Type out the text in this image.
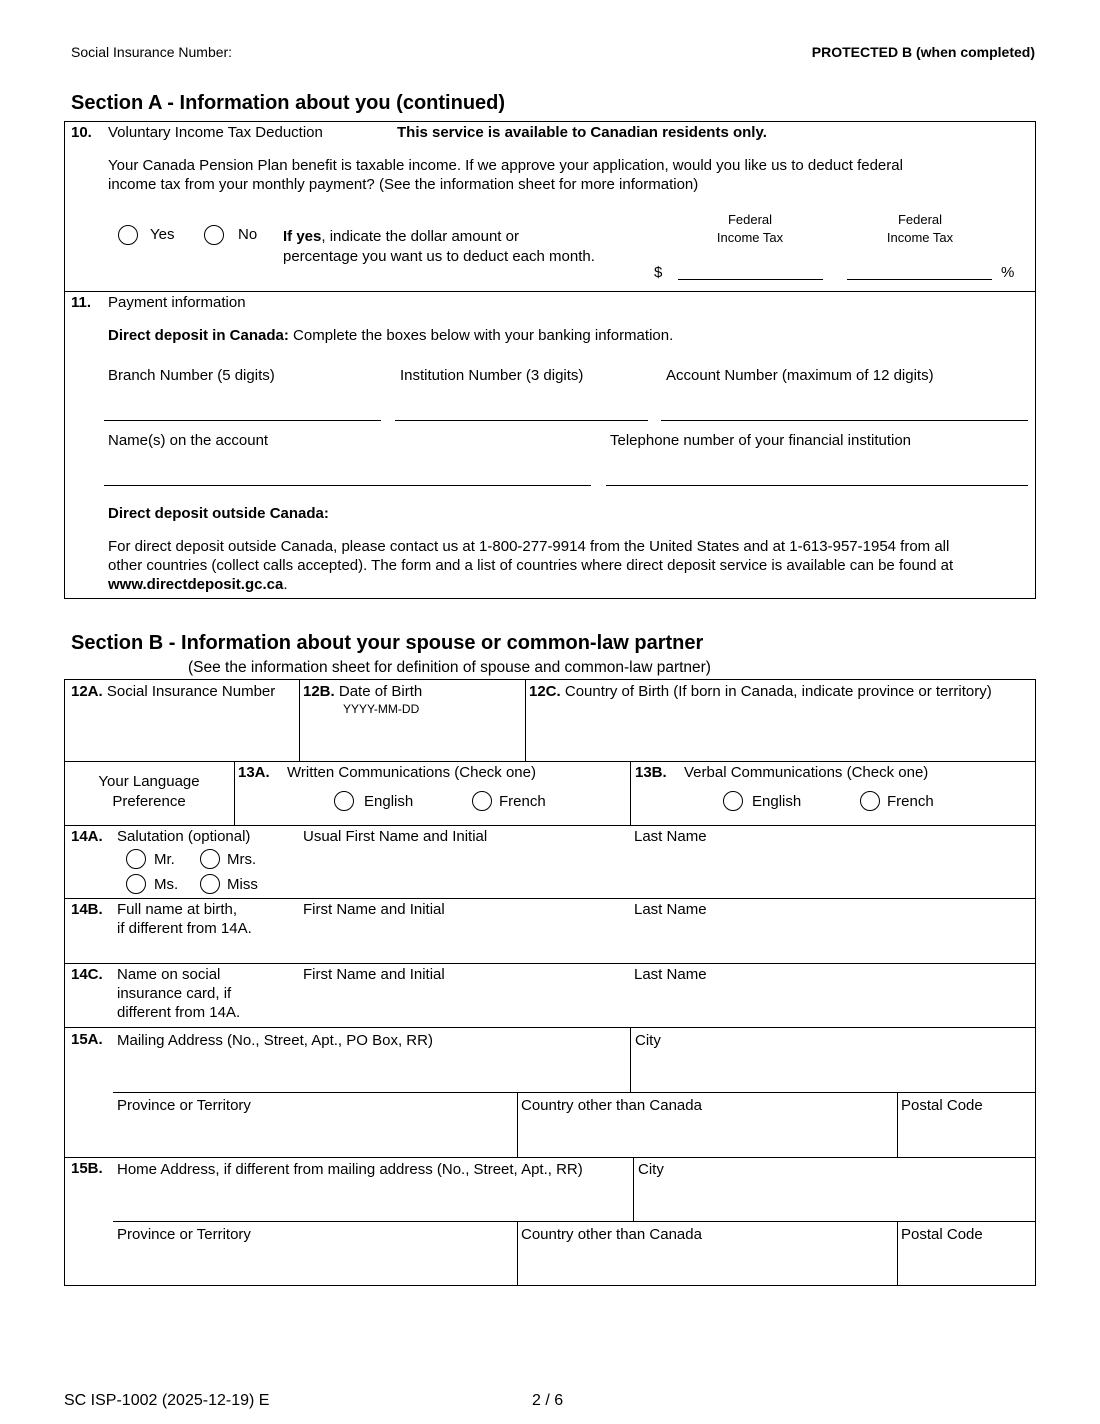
Social Insurance Number:	PROTECTED B (when completed)
Section A - Information about you (continued)
10. Voluntary Income Tax Deduction	This service is available to Canadian residents only.
Your Canada Pension Plan benefit is taxable income. If we approve your application, would you like us to deduct federal
income tax from your monthly payment? (See the information sheet for more information)
Yes	No If yes, indicate the dollar amount or
percentage you want us to deduct each month.
Federal
Income Tax
Federal
Income Tax
$	%
11. Payment information
Direct deposit in Canada: Complete the boxes below with your banking information.
Branch Number (5 digits)	Institution Number (3 digits)	Account Number (maximum of 12 digits)
Name(s) on the account	Telephone number of your financial institution
Direct deposit outside Canada:
For direct deposit outside Canada, please contact us at 1-800-277-9914 from the United States and at 1-613-957-1954 from all
other countries (collect calls accepted). The form and a list of countries where direct deposit service is available can be found at
www.directdeposit.gc.ca.
Section B - Information about your spouse or common-law partner
(See the information sheet for definition of spouse and common-law partner)
12A. Social Insurance Number 12B. Date of Birth
YYYY-MM-DD
12C. Country of Birth (If born in Canada, indicate province or territory)
Your Language
Preference
13A. Written Communications (Check one)
English	French
13B. Verbal Communications (Check one)
English	French
14A. Salutation (optional)
Mr.	Mrs.
Ms.	Miss
Usual First Name and Initial	Last Name
14B. Full name at birth,
if different from 14A.
First Name and Initial	Last Name
14C. Name on social
insurance card, if
different from 14A.
First Name and Initial	Last Name
15A. Mailing Address (No., Street, Apt., PO Box, RR)	City
Province or Territory	Country other than Canada	Postal Code
15B. Home Address, if different from mailing address (No., Street, Apt., RR)	City
Province or Territory	Country other than Canada	Postal Code
SC ISP-1002 (2025-12-19) E	2 / 6
